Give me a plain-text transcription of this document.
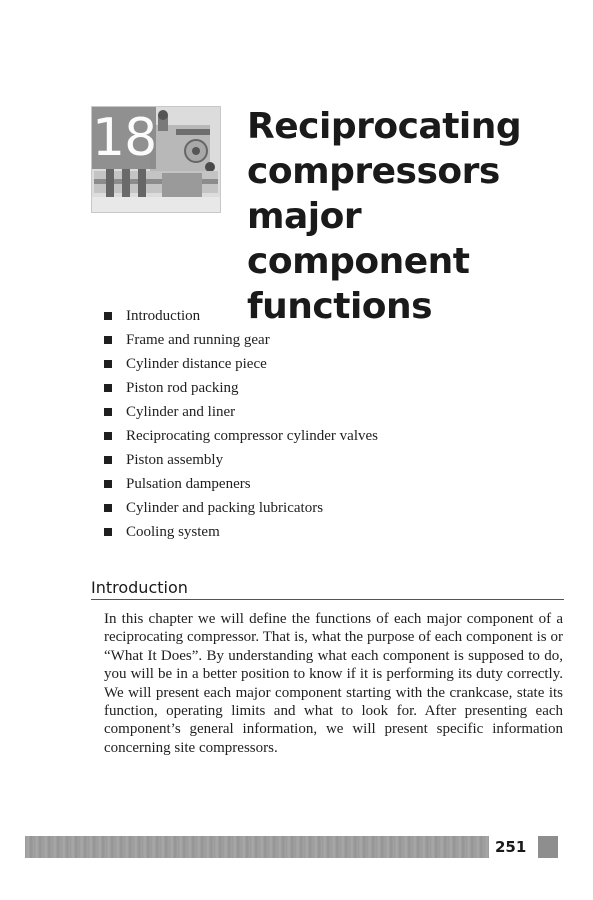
18	Reciprocating
compressors
major component
functions
Introduction
Frame and running gear
Cylinder distance piece
Piston rod packing
Cylinder and liner
Reciprocating compressor cylinder valves
Piston assembly
Pulsation dampeners
Cylinder and packing lubricators
Cooling system
Introduction

In this chapter we will define the functions of each major component of a reciprocating compressor. That is, what the purpose of each component is or “What It Does”. By understanding what each component is supposed to do, you will be in a better position to know if it is performing its duty correctly. We will present each major component starting with the crankcase, state its function, operating limits and what to look for. After presenting each component’s general information, we will present specific information concerning site compressors.

251
